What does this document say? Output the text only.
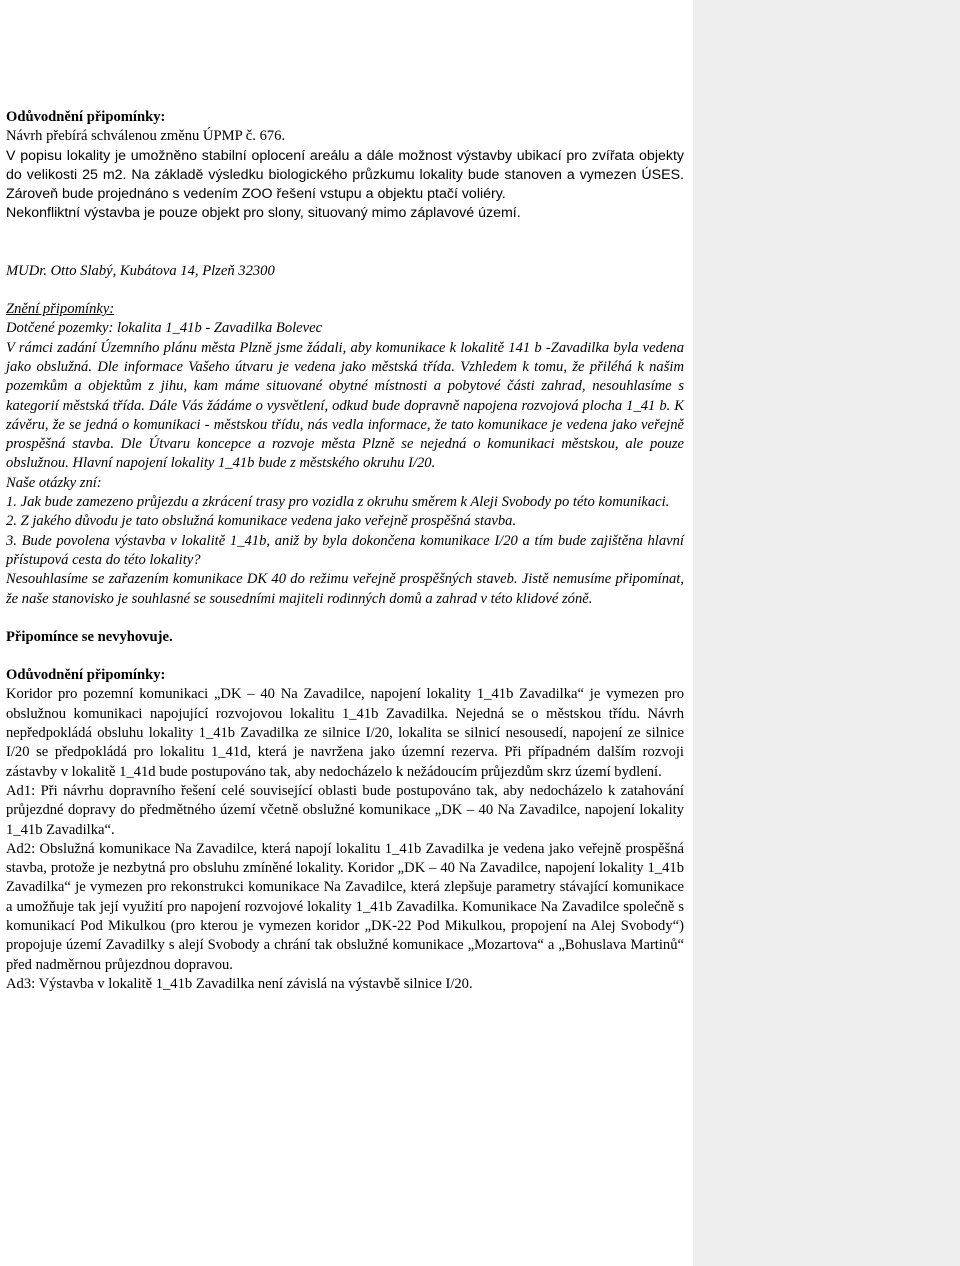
Odůvodnění připomínky:

Návrh přebírá schválenou změnu ÚPMP č. 676.

V popisu lokality je umožněno stabilní oplocení areálu a dále možnost výstavby ubikací pro zvířata objekty do velikosti 25 m2. Na základě výsledku biologického průzkumu lokality bude stanoven a vymezen ÚSES. Zároveň bude projednáno s vedením ZOO řešení vstupu a objektu ptačí voliéry.

Nekonfliktní výstavba je pouze objekt pro slony, situovaný mimo záplavové území.

MUDr. Otto Slabý, Kubátova 14, Plzeň 32300

Znění připomínky:

Dotčené pozemky: lokalita 1_41b - Zavadilka Bolevec

V rámci zadání Územního plánu města Plzně jsme žádali, aby komunikace k lokalitě 141 b -Zavadilka byla vedena jako obslužná. Dle informace Vašeho útvaru je vedena jako městská třída. Vzhledem k tomu, že přiléhá k našim pozemkům a objektům z jihu, kam máme situované obytné místnosti a pobytové části zahrad, nesouhlasíme s kategorií městská třída. Dále Vás žádáme o vysvětlení, odkud bude dopravně napojena rozvojová plocha 1_41 b. K závěru, že se jedná o komunikaci - městskou třídu, nás vedla informace, že tato komunikace je vedena jako veřejně prospěšná stavba. Dle Útvaru koncepce a rozvoje města Plzně se nejedná o komunikaci městskou, ale pouze obslužnou. Hlavní napojení lokality 1_41b bude z městského okruhu I/20.

Naše otázky zní:

1. Jak bude zamezeno průjezdu a zkrácení trasy pro vozidla z okruhu směrem k Aleji Svobody po této komunikaci.

2. Z jakého důvodu je tato obslužná komunikace vedena jako veřejně prospěšná stavba.

3. Bude povolena výstavba v lokalitě 1_41b, aniž by byla dokončena komunikace I/20 a tím bude zajištěna hlavní přístupová cesta do této lokality?

Nesouhlasíme se zařazením komunikace DK 40 do režimu veřejně prospěšných staveb. Jistě nemusíme připomínat, že naše stanovisko je souhlasné se sousedními majiteli rodinných domů a zahrad v této klidové zóně.

Připomínce se nevyhovuje.

Odůvodnění připomínky:

Koridor pro pozemní komunikaci „DK – 40 Na Zavadilce, napojení lokality 1_41b Zavadilka“ je vymezen pro obslužnou komunikaci napojující rozvojovou lokalitu 1_41b Zavadilka. Nejedná se o městskou třídu. Návrh nepředpokládá obsluhu lokality 1_41b Zavadilka ze silnice I/20, lokalita se silnicí nesousedí, napojení ze silnice I/20 se předpokládá pro lokalitu 1_41d, která je navržena jako územní rezerva. Při případném dalším rozvoji zástavby v lokalitě 1_41d bude postupováno tak, aby nedocházelo k nežádoucím průjezdům skrz území bydlení.

Ad1: Při návrhu dopravního řešení celé související oblasti bude postupováno tak, aby nedocházelo k zatahování průjezdné dopravy do předmětného území včetně obslužné komunikace „DK – 40 Na Zavadilce, napojení lokality 1_41b Zavadilka“.

Ad2: Obslužná komunikace Na Zavadilce, která napojí lokalitu 1_41b Zavadilka je vedena jako veřejně prospěšná stavba, protože je nezbytná pro obsluhu zmíněné lokality. Koridor „DK – 40 Na Zavadilce, napojení lokality 1_41b Zavadilka“ je vymezen pro rekonstrukci komunikace Na Zavadilce, která zlepšuje parametry stávající komunikace a umožňuje tak její využití pro napojení rozvojové lokality 1_41b Zavadilka. Komunikace Na Zavadilce společně s komunikací Pod Mikulkou (pro kterou je vymezen koridor „DK-22 Pod Mikulkou, propojení na Alej Svobody“) propojuje území Zavadilky s alejí Svobody a chrání tak obslužné komunikace „Mozartova“ a „Bohuslava Martinů“ před nadměrnou průjezdnou dopravou.

Ad3: Výstavba v lokalitě 1_41b Zavadilka není závislá na výstavbě silnice I/20.
